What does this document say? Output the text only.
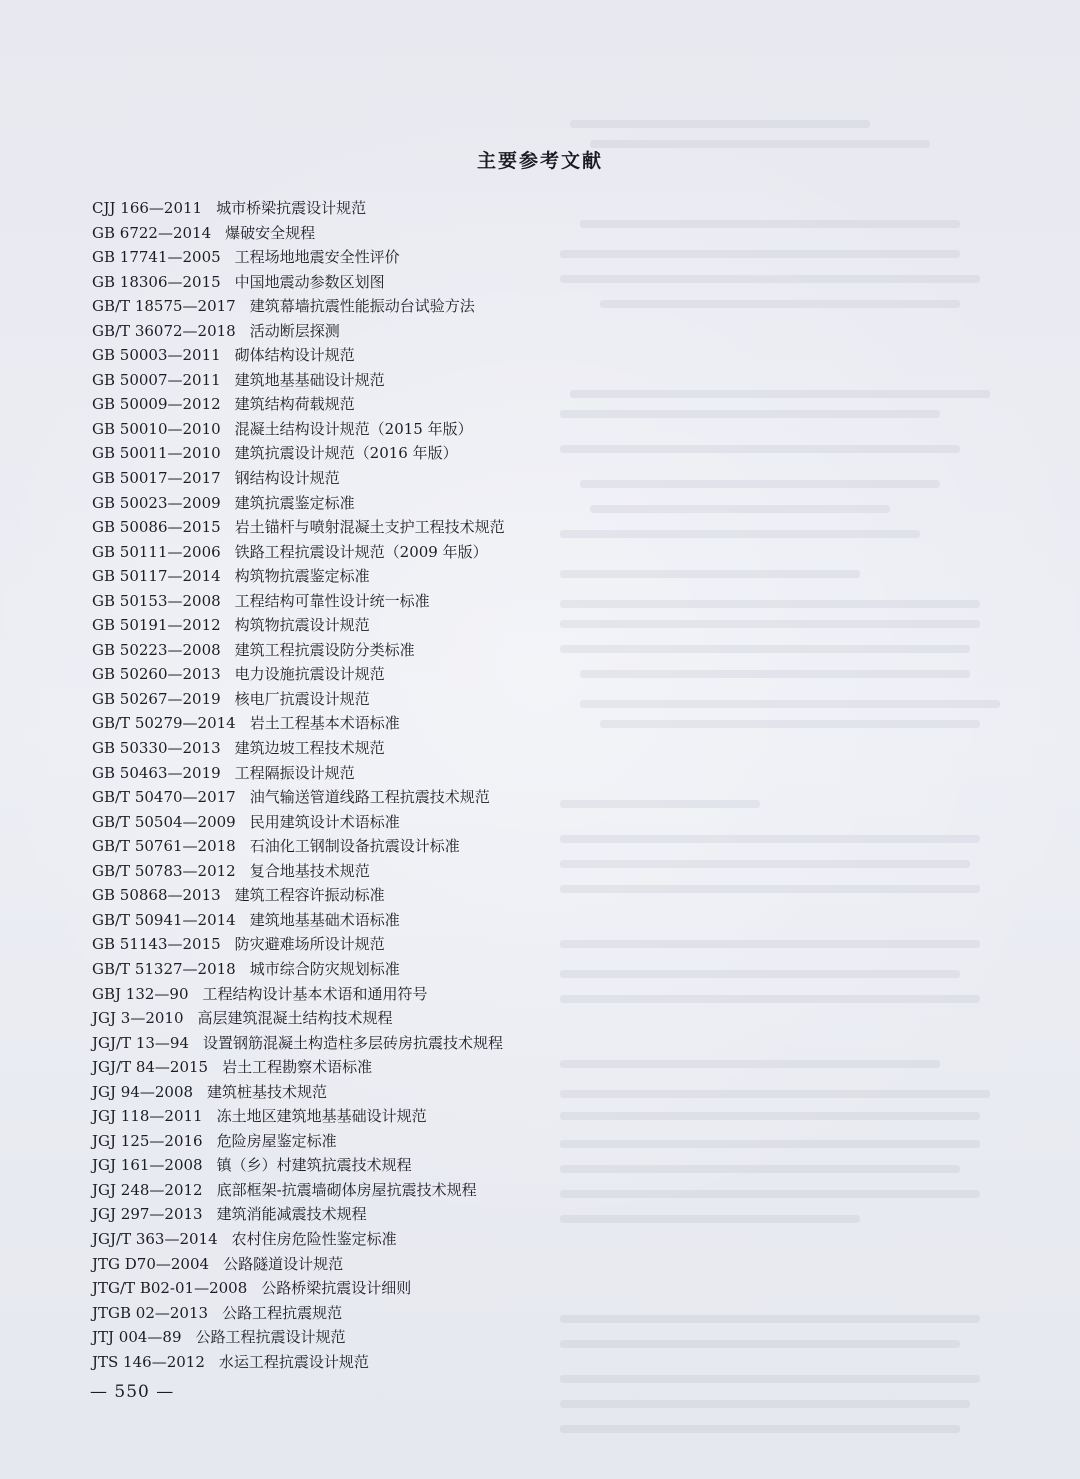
主要参考文献
CJJ 166—2011 城市桥梁抗震设计规范
GB 6722—2014 爆破安全规程
GB 17741—2005 工程场地地震安全性评价
GB 18306—2015 中国地震动参数区划图
GB/T 18575—2017 建筑幕墙抗震性能振动台试验方法
GB/T 36072—2018 活动断层探测
GB 50003—2011 砌体结构设计规范
GB 50007—2011 建筑地基基础设计规范
GB 50009—2012 建筑结构荷载规范
GB 50010—2010 混凝土结构设计规范（2015 年版）
GB 50011—2010 建筑抗震设计规范（2016 年版）
GB 50017—2017 钢结构设计规范
GB 50023—2009 建筑抗震鉴定标准
GB 50086—2015 岩土锚杆与喷射混凝土支护工程技术规范
GB 50111—2006 铁路工程抗震设计规范（2009 年版）
GB 50117—2014 构筑物抗震鉴定标准
GB 50153—2008 工程结构可靠性设计统一标准
GB 50191—2012 构筑物抗震设计规范
GB 50223—2008 建筑工程抗震设防分类标准
GB 50260—2013 电力设施抗震设计规范
GB 50267—2019 核电厂抗震设计规范
GB/T 50279—2014 岩土工程基本术语标准
GB 50330—2013 建筑边坡工程技术规范
GB 50463—2019 工程隔振设计规范
GB/T 50470—2017 油气输送管道线路工程抗震技术规范
GB/T 50504—2009 民用建筑设计术语标准
GB/T 50761—2018 石油化工钢制设备抗震设计标准
GB/T 50783—2012 复合地基技术规范
GB 50868—2013 建筑工程容许振动标准
GB/T 50941—2014 建筑地基基础术语标准
GB 51143—2015 防灾避难场所设计规范
GB/T 51327—2018 城市综合防灾规划标准
GBJ 132—90 工程结构设计基本术语和通用符号
JGJ 3—2010 高层建筑混凝土结构技术规程
JGJ/T 13—94 设置钢筋混凝土构造柱多层砖房抗震技术规程
JGJ/T 84—2015 岩土工程勘察术语标准
JGJ 94—2008 建筑桩基技术规范
JGJ 118—2011 冻土地区建筑地基基础设计规范
JGJ 125—2016 危险房屋鉴定标准
JGJ 161—2008 镇（乡）村建筑抗震技术规程
JGJ 248—2012 底部框架-抗震墙砌体房屋抗震技术规程
JGJ 297—2013 建筑消能减震技术规程
JGJ/T 363—2014 农村住房危险性鉴定标准
JTG D70—2004 公路隧道设计规范
JTG/T B02-01—2008 公路桥梁抗震设计细则
JTGB 02—2013 公路工程抗震规范
JTJ 004—89 公路工程抗震设计规范
JTS 146—2012 水运工程抗震设计规范
— 550 —
